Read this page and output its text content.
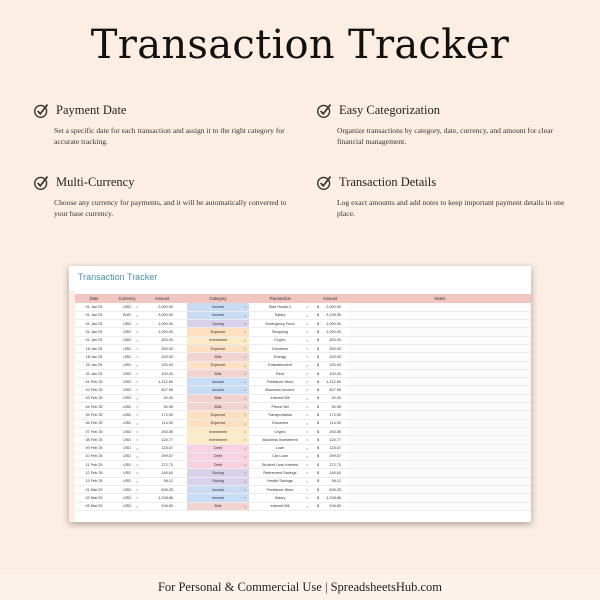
Transaction Tracker
Payment Date
Set a specific date for each transaction and assign it to the right category for accurate tracking.
Easy Categorization
Organize transactions by category, date, currency, and amount for clear financial management.
Multi-Currency
Choose any currency for payments, and it will be automatically converted to your base currency.
Transaction Details
Log exact amounts and add notes to keep important payment details in one place.
Transaction Tracker
Date	Currency	Amount		Category	Transaction	Amount	Notes
01 Jan 25	USD ▾	2,000.00		Income ▾	Side Hustle 2 ▾	$ 2,000.00	
01 Jan 25	EUR ▾	3,000.00		Income ▾	Salary ▾	$ 3,139.35	
01 Jan 25	USD ▾	1,000.00		Saving ▾	Emergency Fund ▾	$ 1,000.00	
01 Jan 25	USD ▾	1,000.00		Expense ▾	Shopping ▾	$ 1,000.00	
01 Jan 25	USD ▾	300.00		Investment ▾	Crypto ▾	$ 300.00	
16 Jan 25	USD ▾	300.00		Expense ▾	Groceries ▾	$ 300.00	
18 Jan 25	USD ▾	100.00		Bills ▾	Energy ▾	$ 100.00	
20 Jan 25	USD ▾	120.00		Expense ▾	Entertainment ▾	$ 120.00	
31 Jan 25	USD ▾	100.00		Bills ▾	Rent ▾	$ 100.00	
01 Feb 25	USD ▾	1,212.80		Income ▾	Freelance Work ▾	$ 1,212.80	
02 Feb 25	USD ▾	827.95		Income ▾	Business Income ▾	$ 827.95	
03 Feb 25	USD ▾	40.00		Bills ▾	Internet Bill ▾	$ 40.00	
04 Feb 25	USD ▾	30.95		Bills ▾	Phone Bill ▾	$ 30.95	
05 Feb 25	USD ▾	172.00		Expense ▾	Transportation ▾	$ 172.00	
06 Feb 25	USD ▾	114.00		Expense ▾	Groceries ▾	$ 114.00	
07 Feb 25	USD ▾	253.55		Investment ▾	Crypto ▾	$ 253.55	
08 Feb 25	USD ▾	124.77		Investment ▾	Business Investment ▾	$ 124.77	
09 Feb 25	USD ▾	123.67		Debt ▾	Loan ▾	$ 123.67	
10 Feb 25	USD ▾	299.57		Debt ▾	Car Loan ▾	$ 299.57	
11 Feb 25	USD ▾	272.73		Debt ▾	Student Loan Interest ▾	$ 272.73	
12 Feb 25	USD ▾	145.60		Saving ▾	Retirement Savings ▾	$ 145.60	
13 Feb 25	USD ▾	98.12		Saving ▾	Health Savings ▾	$ 98.12	
01 Mar 25	USD ▾	505.25		Income ▾	Freelance Work ▾	$ 505.25	
02 Mar 25	USD ▾	1,228.88		Income ▾	Salary ▾	$ 1,228.88	
03 Mar 25	USD ▾	106.89		Bills ▾	Internet Bill ▾	$ 106.89	
For Personal & Commercial Use | SpreadsheetsHub.com
